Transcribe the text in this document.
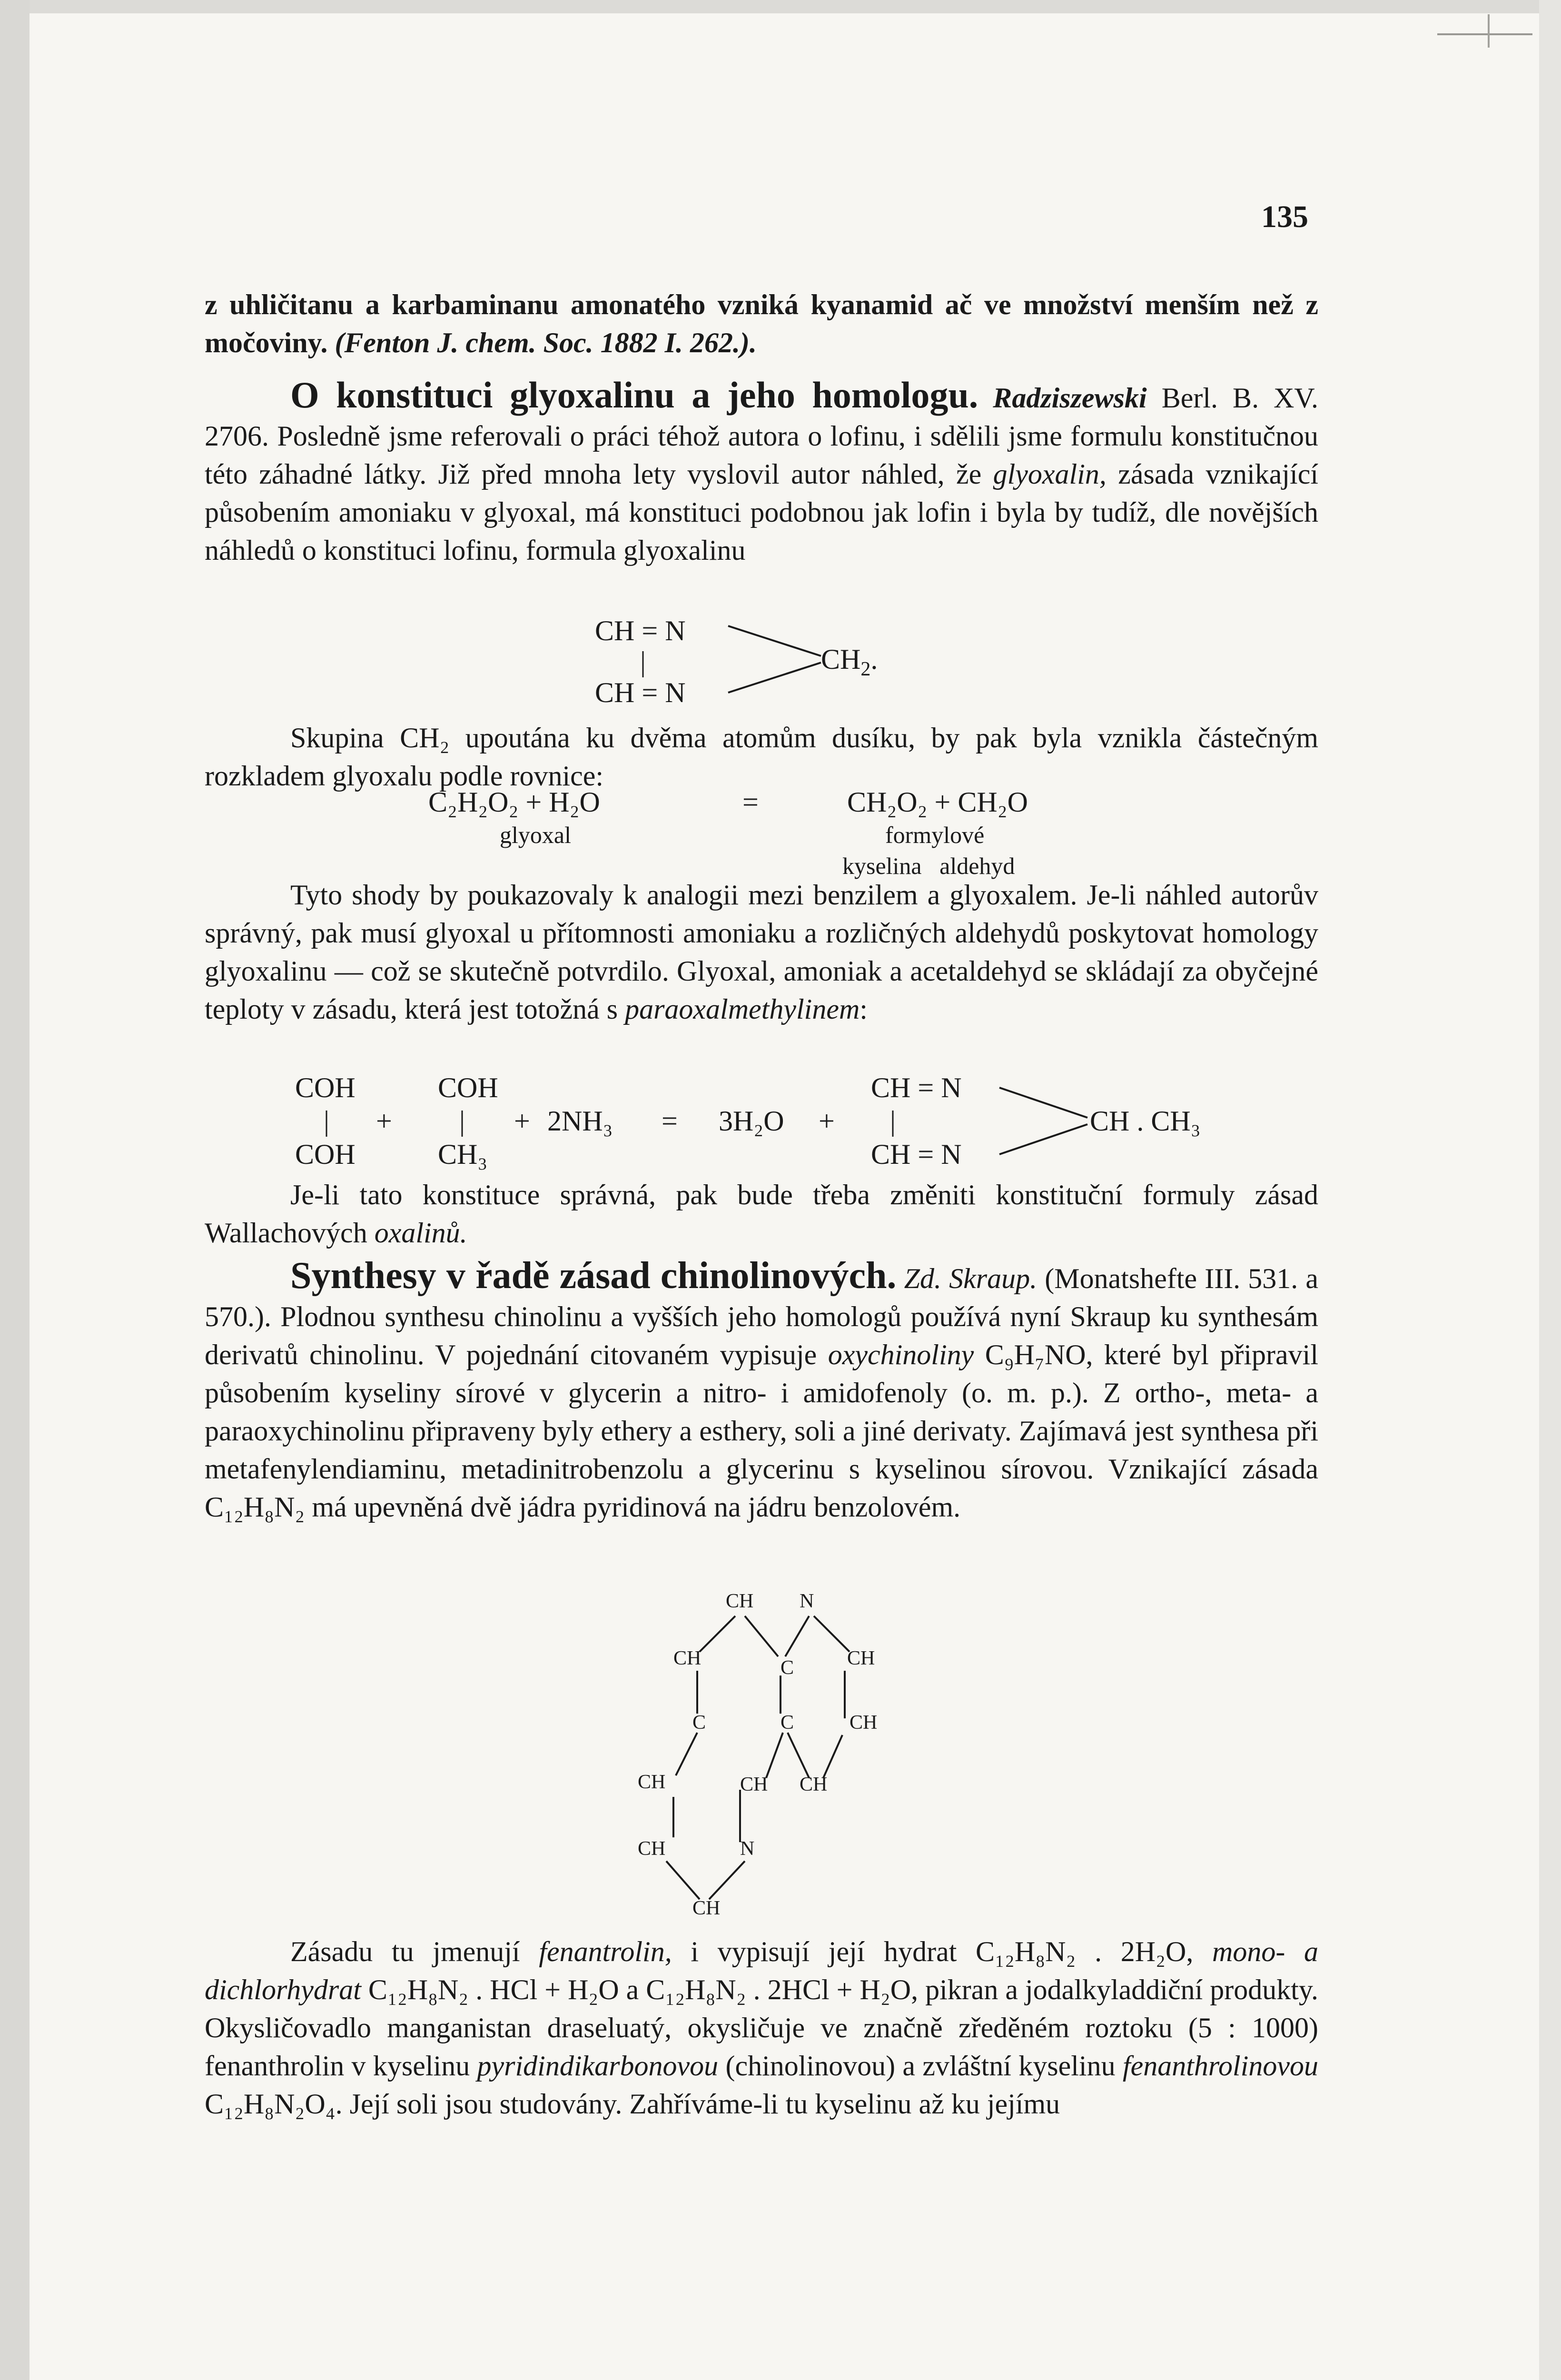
135

z uhličitanu a karbaminanu amonatého vzniká kyanamid ač ve množství menším než z močoviny. (Fenton J. chem. Soc. 1882 I. 262.).

O konstituci glyoxalinu a jeho homologu. Radziszewski Berl. B. XV. 2706. Posledně jsme referovali o práci téhož autora o lofinu, i sdělili jsme formulu konstitučnou této záhadné látky. Již před mnoha lety vyslovil autor náhled, že glyoxalin, zásada vznikající působením amoniaku v glyoxal, má konstituci podobnou jak lofin i byla by tudíž, dle novějších náhledů o konstituci lofinu, formula glyoxalinu

CH = N
|
CH = N
$CH_2$.

Skupina CH₂ upoutána ku dvěma atomům dusíku, by pak byla vznikla částečným rozkladem glyoxalu podle rovnice:

C₂H₂O₂ + H₂O	=	CH₂O₂ + CH₂O
glyoxal	formylové
kyselina   aldehyd

Tyto shody by poukazovaly k analogii mezi benzilem a glyoxalem. Je-li náhled autorův správný, pak musí glyoxal u přítomnosti amoniaku a rozličných aldehydů poskytovat homology glyoxalinu — což se skutečně potvrdilo. Glyoxal, amoniak a acetaldehyd se skládají za obyčejné teploty v zásadu, která jest totožná s paraoxalmethylinem:

COH
|
COH
+
COH
|
CH₃
+ 2NH₃ = 3H₂O +
CH = N
|
CH = N
CH . CH₃

Je-li tato konstituce správná, pak bude třeba změniti konstituční formuly zásad Wallachových oxalinů.

Synthesy v řadě zásad chinolinových. Zd. Skraup. (Monatshefte III. 531. a 570.). Plodnou synthesu chinolinu a vyšších jeho homologů používá nyní Skraup ku synthesám derivatů chinolinu. V pojednání citovaném vypisuje oxychinoliny C₉H₇NO, které byl připravil působením kyseliny sírové v glycerin a nitro- i amidofenoly (o. m. p.). Z ortho-, meta- a paraoxychinolinu připraveny byly ethery a esthery, soli a jiné derivaty. Zajímavá jest synthesa při metafenylendiaminu, metadinitrobenzolu a glycerinu s kyselinou sírovou. Vznikající zásada C₁₂H₈N₂ má upevněná dvě jádra pyridinová na jádru benzolovém.

CH N
CH	C	CH
C	C	CH
CH	CH CH
CH	N
CH

Zásadu tu jmenují fenantrolin, i vypisují její hydrat C₁₂H₈N₂ . 2H₂O, mono- a dichlorhydrat C₁₂H₈N₂ . HCl + H₂O a C₁₂H₈N₂ . 2HCl + H₂O, pikran a jodalkyladdiční produkty. Okysličovadlo manganistan draseluatý, okysličuje ve značně zředěném roztoku (5 : 1000) fenanthrolin v kyselinu pyridindikarbonovou (chinolinovou) a zvláštní kyselinu fenanthrolinovou C₁₂H₈N₂O₄. Její soli jsou studovány. Zahříváme-li tu kyselinu až ku jejímu
